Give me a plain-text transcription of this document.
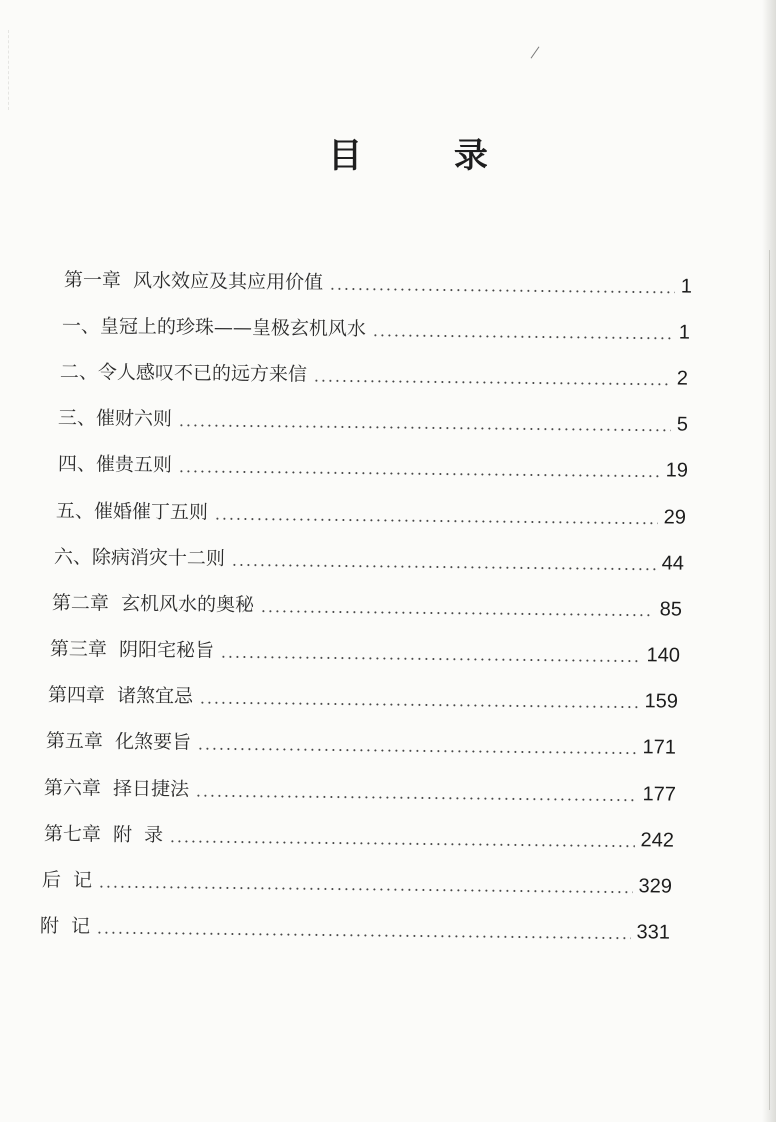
目 录
第一章  风水效应及其应用价值	1
一、皇冠上的珍珠——皇极玄机风水	1
二、令人感叹不已的远方来信	2
三、催财六则	5
四、催贵五则	19
五、催婚催丁五则	29
六、除病消灾十二则	44
第二章  玄机风水的奥秘	85
第三章  阴阳宅秘旨	140
第四章  诸煞宜忌	159
第五章  化煞要旨	171
第六章  择日捷法	177
第七章  附  录	242
后  记	329
附  记	331
